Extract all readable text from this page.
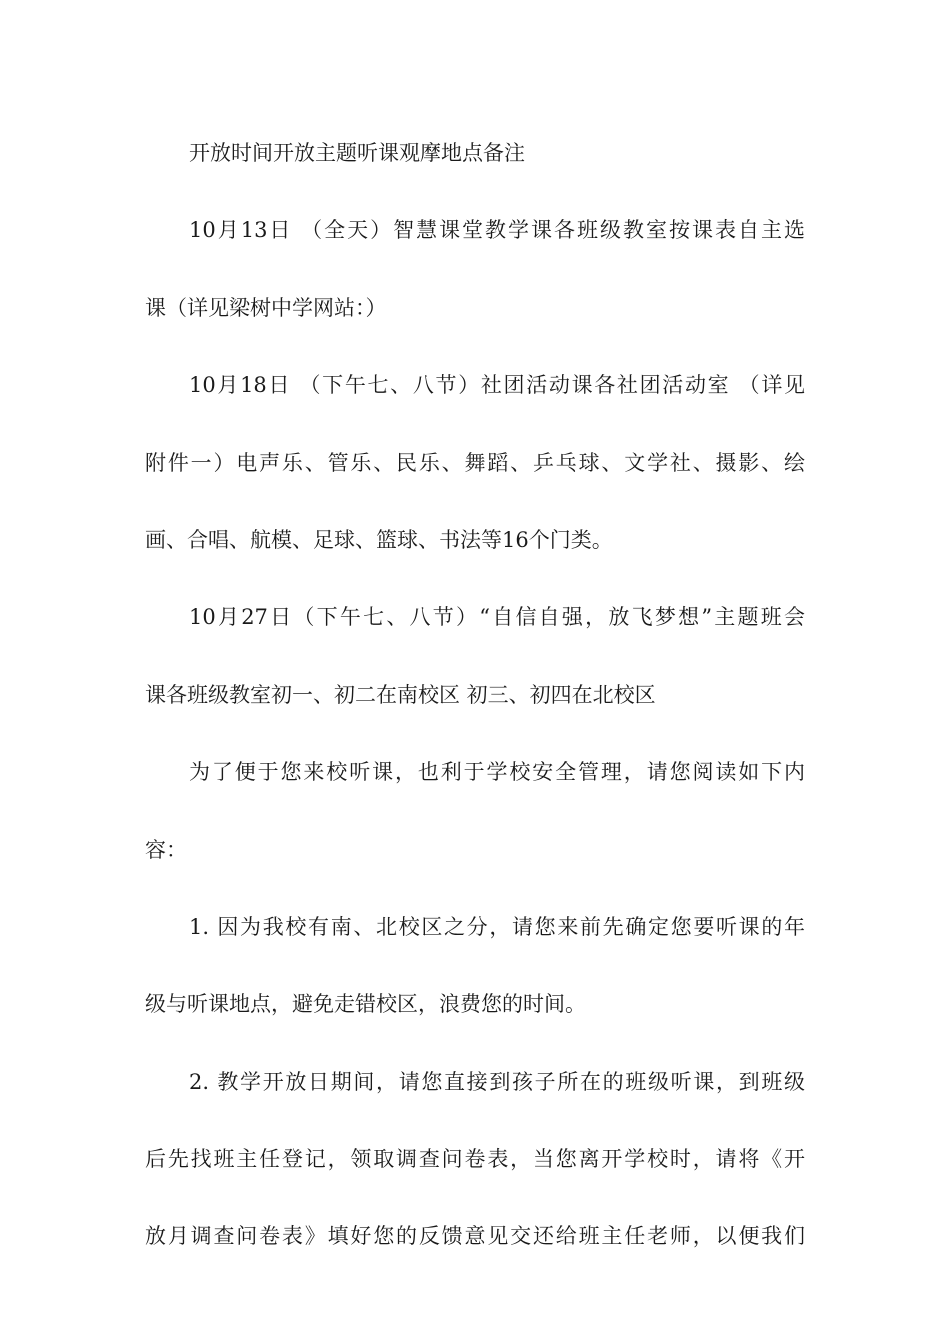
开放时间开放主题听课观摩地点备注
10月13日 （全天）智慧课堂教学课各班级教室按课表自主选
课（详见梁树中学网站：）
10月18日 （下午七、八节）社团活动课各社团活动室 （详见
附件一）电声乐、管乐、民乐、舞蹈、乒乓球、文学社、摄影、绘
画、合唱、航模、足球、篮球、书法等16个门类。
10月27日（下午七、八节）“自信自强，放飞梦想”主题班会
课各班级教室初一、初二在南校区 初三、初四在北校区
为了便于您来校听课，也利于学校安全管理，请您阅读如下内
容：
1. 因为我校有南、北校区之分，请您来前先确定您要听课的年
级与听课地点，避免走错校区，浪费您的时间。
2. 教学开放日期间，请您直接到孩子所在的班级听课，到班级
后先找班主任登记，领取调查问卷表，当您离开学校时，请将《开
放月调查问卷表》填好您的反馈意见交还给班主任老师，以便我们
